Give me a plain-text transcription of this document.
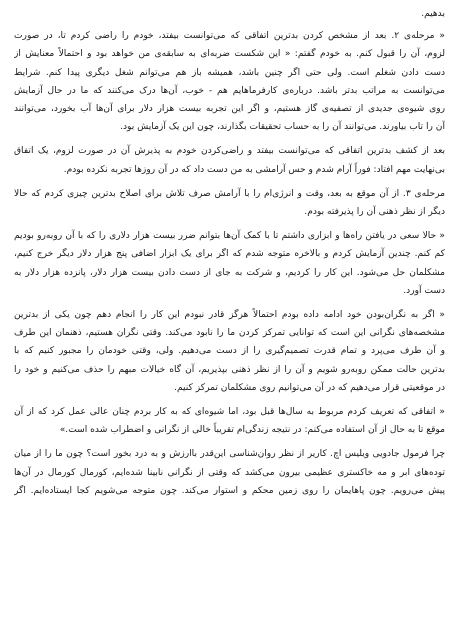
بدهیم.

« مرحله‌ی ۲. بعد از مشخص کردن بدترین اتفاقی که می‌توانست بیفتد، خودم را راضی کردم تا، در صورت
لزوم، آن را قبول کنم. به خودم گفتم: « این شکست ضربه‌ای به سابقه‌ی من خواهد بود و احتمالاً معنایش از
دست دادن شغلم است. ولی حتی اگر چنین باشد، همیشه باز هم می‌توانم شغل دیگری پیدا کنم. شرایط
می‌توانست به مراتب بدتر باشد. درباره‌ی کارفرماهایم هم - خوب، آن‌ها درک می‌کنند که ما در حال آزمایش
روی شیوه‌ی جدیدی از تصفیه‌ی گاز هستیم، و اگر این تجربه بیست هزار دلار برای آن‌ها آب بخورد، می‌توانند
آن را تاب بیاورند. می‌توانند آن را به حساب تحقیقات بگذارند، چون این یک آزمایش بود.

بعد از کشف بدترین اتفاقی که می‌توانست بیفتد و راضی‌کردن خودم به پذیرش آن در صورت لزوم، یک اتفاق
بی‌نهایت مهم افتاد: فوراً آرام شدم و حس آرامشی به من دست داد که در آن روزها تجربه نکرده بودم.

مرحله‌ی ۳. از آن موقع به بعد، وقت و انرژی‌ام را با آرامش صرف تلاش برای اصلاح بدترین چیزی کردم که حالا
دیگر از نظر ذهنی آن را پذیرفته بودم.

« حالا سعی در یافتن راه‌ها و ابزاری داشتم تا با کمک آن‌ها بتوانم ضرر بیست هزار دلاری را که با آن روبه‌رو بودیم
کم کنم. چندین آزمایش کردم و بالاخره متوجه شدم که اگر برای یک ابزار اضافی پنج هزار دلار دیگر خرج کنیم،
مشکلمان حل می‌شود. این کار را کردیم، و شرکت به جای از دست دادن بیست هزار دلار، پانزده هزار دلار به
دست آورد.

« اگر به نگران‌بودن خود ادامه داده بودم احتمالاً هرگز قادر نبودم این کار را انجام دهم چون یکی از بدترین
مشخصه‌های نگرانی این است که توانایی تمرکز کردن ما را نابود می‌کند. وقتی نگران هستیم، ذهنمان این طرف
و آن طرف می‌پرد و تمام قدرت تصمیم‌گیری را از دست می‌دهیم. ولی، وقتی خودمان را مجبور کنیم که با
بدترین حالت ممکن روبه‌رو شویم و آن را از نظر ذهنی بپذیریم، آن گاه خیالات مبهم را حذف می‌کنیم و خود را
در موقعیتی قرار می‌دهیم که در آن می‌توانیم روی مشکلمان تمرکز کنیم.

« اتفاقی که تعریف کردم مربوط به سال‌ها قبل بود، اما شیوه‌ای که به کار بردم چنان عالی عمل کرد که از آن
موقع تا به حال از آن استفاده می‌کنم: در نتیجه زندگی‌ام تقریباً خالی از نگرانی و اضطراب شده است.»

چرا فرمول جادویی ویلیس اچ. کاریر از نظر روان‌شناسی این‌قدر باارزش و به درد بخور است؟ چون ما را از میان
توده‌های ابر و مه خاکستری عظیمی بیرون می‌کشد که وقتی از نگرانی نابینا شده‌ایم، کورمال کورمال در آن‌ها
پیش می‌رویم. چون پاهایمان را روی زمین محکم و استوار می‌کند. چون متوجه می‌شویم کجا ایستاده‌ایم. اگر
